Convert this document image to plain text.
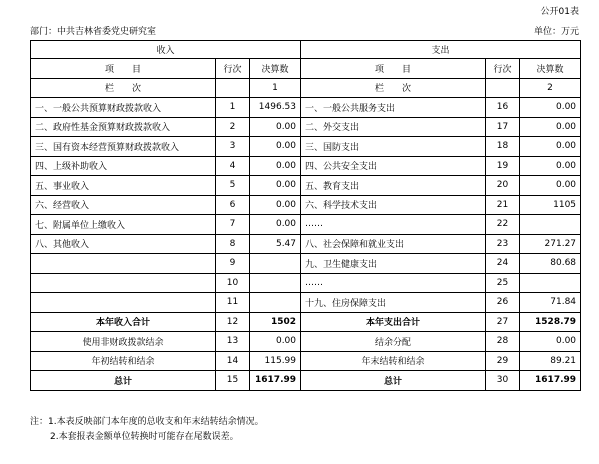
公开01表
部门：中共吉林省委党史研究室	单位：万元
收入			支出		
项　　目	行次	决算数	项　　目	行次	决算数
栏　　次		1	栏　　次		2
一、一般公共预算财政拨款收入	1	1496.53	一、一般公共服务支出	16	0.00
二、政府性基金预算财政拨款收入	2	0.00	二、外交支出	17	0.00
三、国有资本经营预算财政拨款收入	3	0.00	三、国防支出	18	0.00
四、上级补助收入	4	0.00	四、公共安全支出	19	0.00
五、事业收入	5	0.00	五、教育支出	20	0.00
六、经营收入	6	0.00	六、科学技术支出	21	1105
七、附属单位上缴收入	7	0.00	……	22	
八、其他收入	8	5.47	八、社会保障和就业支出	23	271.27
	9		九、卫生健康支出	24	80.68
	10		……	25	
	11		十九、住房保障支出	26	71.84
本年收入合计	12	1502	本年支出合计	27	1528.79
使用非财政拨款结余	13	0.00	结余分配	28	0.00
年初结转和结余	14	115.99	年末结转和结余	29	89.21
总计	15	1617.99	总计	30	1617.99
注：1.本表反映部门本年度的总收支和年末结转结余情况。
2.本套报表金额单位转换时可能存在尾数误差。
